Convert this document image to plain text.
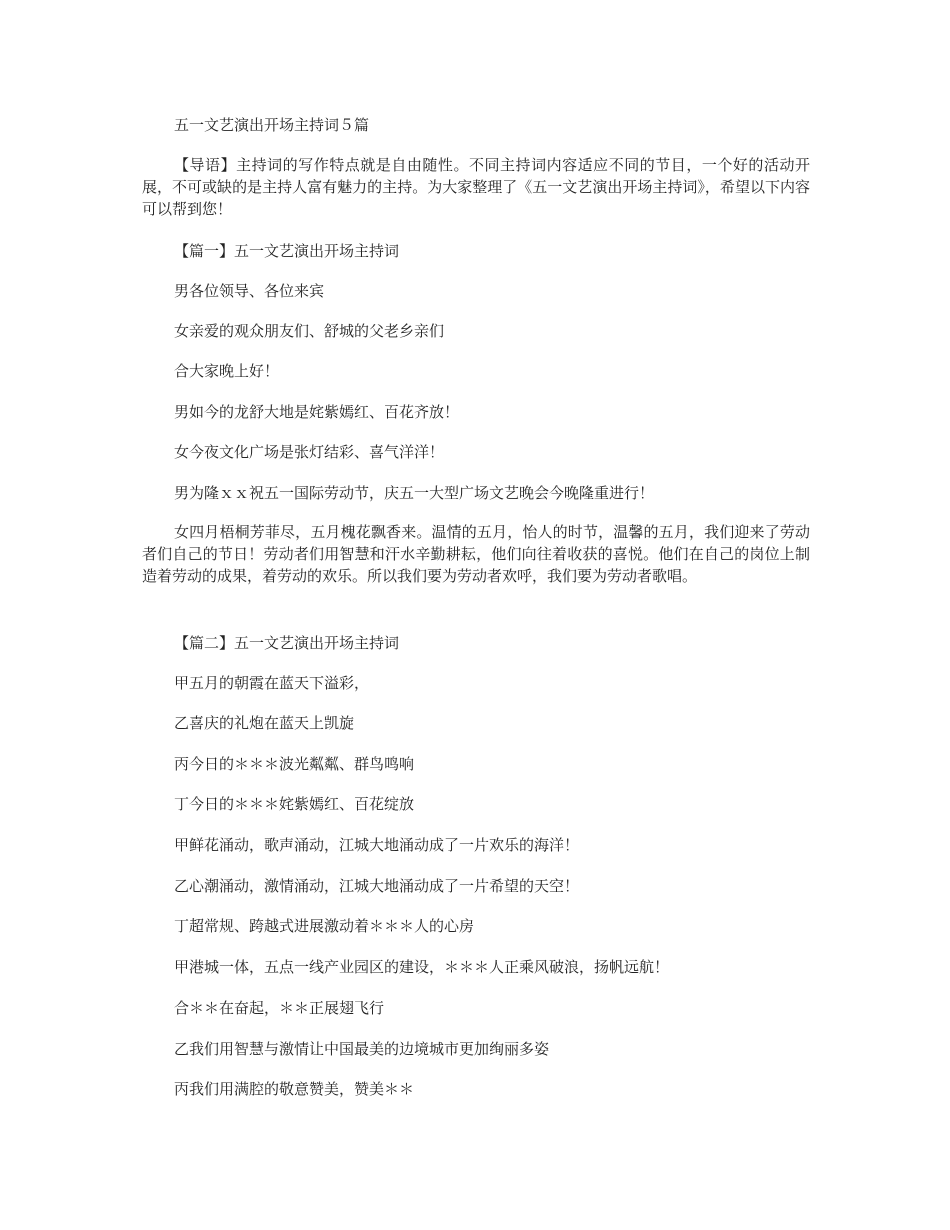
五一文艺演出开场主持词５篇
【导语】主持词的写作特点就是自由随性。不同主持词内容适应不同的节目，一个好的活动开展，不可或缺的是主持人富有魅力的主持。为大家整理了《五一文艺演出开场主持词》，希望以下内容可以帮到您！
【篇一】五一文艺演出开场主持词
男各位领导、各位来宾
女亲爱的观众朋友们、舒城的父老乡亲们
合大家晚上好！
男如今的龙舒大地是姹紫嫣红、百花齐放！
女今夜文化广场是张灯结彩、喜气洋洋！
男为隆ｘｘ祝五一国际劳动节，庆五一大型广场文艺晚会今晚隆重进行！
女四月梧桐芳菲尽，五月槐花飘香来。温情的五月，怡人的时节，温馨的五月，我们迎来了劳动者们自己的节日！劳动者们用智慧和汗水辛勤耕耘，他们向往着收获的喜悦。他们在自己的岗位上制造着劳动的成果，着劳动的欢乐。所以我们要为劳动者欢呼，我们要为劳动者歌唱。
【篇二】五一文艺演出开场主持词
甲五月的朝霞在蓝天下溢彩，
乙喜庆的礼炮在蓝天上凯旋
丙今日的＊＊＊波光粼粼、群鸟鸣响
丁今日的＊＊＊姹紫嫣红、百花绽放
甲鲜花涌动，歌声涌动，江城大地涌动成了一片欢乐的海洋！
乙心潮涌动，激情涌动，江城大地涌动成了一片希望的天空！
丁超常规、跨越式进展激动着＊＊＊人的心房
甲港城一体，五点一线产业园区的建设，＊＊＊人正乘风破浪，扬帆远航！
合＊＊在奋起，＊＊正展翅飞行
乙我们用智慧与激情让中国最美的边境城市更加绚丽多姿
丙我们用满腔的敬意赞美，赞美＊＊
